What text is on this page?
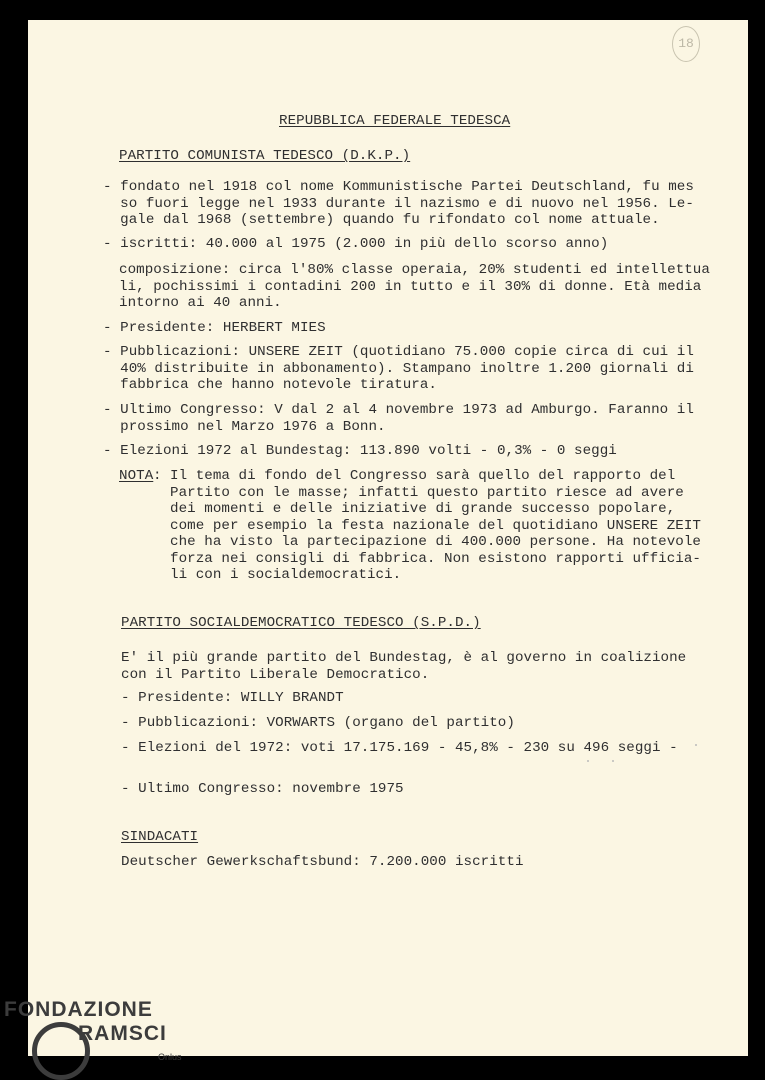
18

REPUBBLICA FEDERALE TEDESCA

PARTITO COMUNISTA TEDESCO (D.K.P.)

- fondato nel 1918 col nome Kommunistische Partei Deutschland, fu mes

so fuori legge nel 1933 durante il nazismo e di nuovo nel 1956. Le-

gale dal 1968 (settembre) quando fu rifondato col nome attuale.

- iscritti: 40.000 al 1975 (2.000 in più dello scorso anno)

composizione: circa l'80% classe operaia, 20% studenti ed intellettua

li, pochissimi i contadini 200 in tutto e il 30% di donne. Età media

intorno ai 40 anni.

- Presidente: HERBERT MIES

- Pubblicazioni: UNSERE ZEIT (quotidiano 75.000 copie circa di cui il

40% distribuite in abbonamento). Stampano inoltre 1.200 giornali di

fabbrica che hanno notevole tiratura.

- Ultimo Congresso: V dal 2 al 4 novembre 1973 ad Amburgo. Faranno il

prossimo nel Marzo 1976 a Bonn.

- Elezioni 1972 al Bundestag: 113.890 volti - 0,3% - 0 seggi

NOTA : Il tema di fondo del Congresso sarà quello del rapporto del

Partito con le masse; infatti questo partito riesce ad avere

dei momenti e delle iniziative di grande successo popolare,

come per esempio la festa nazionale del quotidiano UNSERE ZEIT

che ha visto la partecipazione di 400.000 persone. Ha notevole

forza nei consigli di fabbrica. Non esistono rapporti ufficia-

li con i socialdemocratici.

PARTITO SOCIALDEMOCRATICO TEDESCO (S.P.D.)

E' il più grande partito del Bundestag, è al governo in coalizione

con il Partito Liberale Democratico.

- Presidente: WILLY BRANDT

- Pubblicazioni: VORWARTS (organo del partito)

- Elezioni del 1972: voti 17.175.169 - 45,8% - 230 su 496 seggi -

- Ultimo Congresso: novembre 1975

SINDACATI

Deutscher Gewerkschaftsbund: 7.200.000 iscritti

FONDAZIONE

RAMSCI

Onlus
